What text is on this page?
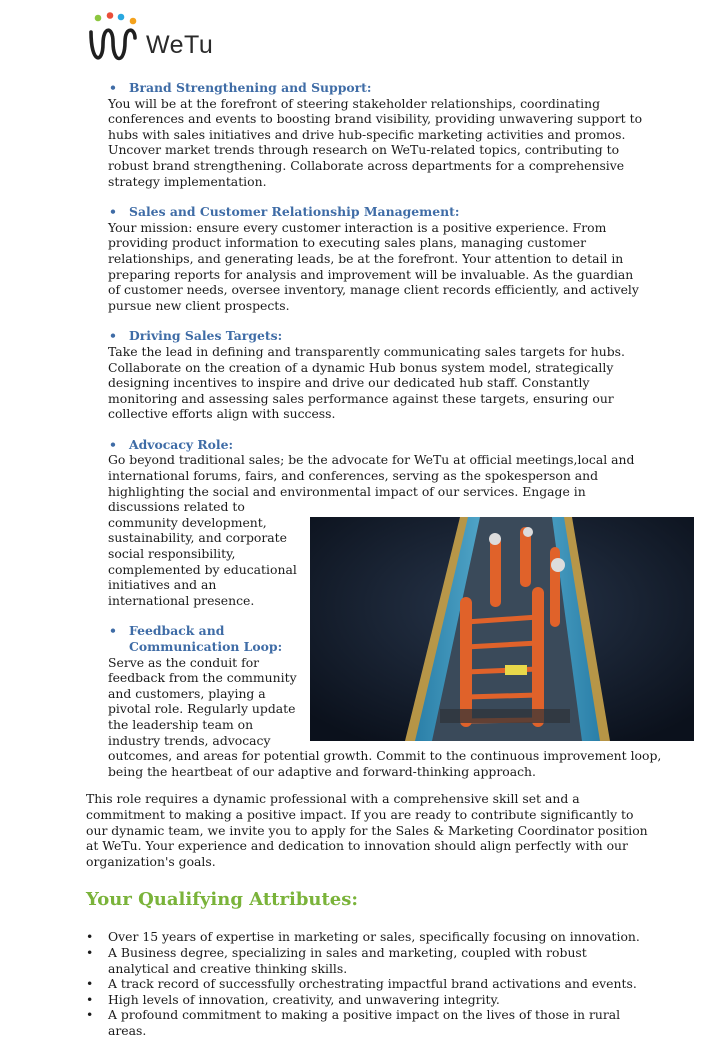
WeTu
• Brand Strengthening and Support:
You will be at the forefront of steering stakeholder relationships, coordinating conferences and events to boosting brand visibility, providing unwavering support to hubs with sales initiatives and drive hub-specific marketing activities and promos. Uncover market trends through research on WeTu-related topics, contributing to robust brand strengthening. Collaborate across departments for a comprehensive strategy implementation.
• Sales and Customer Relationship Management:
Your mission: ensure every customer interaction is a positive experience. From providing product information to executing sales plans, managing customer relationships, and generating leads, be at the forefront. Your attention to detail in preparing reports for analysis and improvement will be invaluable. As the guardian of customer needs, oversee inventory, manage client records efficiently, and actively pursue new client prospects.
• Driving Sales Targets:
Take the lead in defining and transparently communicating sales targets for hubs. Collaborate on the creation of a dynamic Hub bonus system model, strategically designing incentives to inspire and drive our dedicated hub staff. Constantly monitoring and assessing sales performance against these targets, ensuring our collective efforts align with success.
• Advocacy Role:
Go beyond traditional sales; be the advocate for WeTu at official meetings,local and international forums, fairs, and conferences, serving as the spokesperson and highlighting the social and environmental impact of our services. Engage in discussions related to
community development, sustainability, and corporate social responsibility, complemented by educational initiatives and an international presence.
• Feedback and Communication Loop:
Serve as the conduit for feedback from the community and customers, playing a pivotal role. Regularly update the leadership team on industry trends, advocacy outcomes, and areas for potential growth. Commit to the continuous improvement loop, being the heartbeat of our adaptive and forward-thinking approach.
This role requires a dynamic professional with a comprehensive skill set and a commitment to making a positive impact. If you are ready to contribute significantly to our dynamic team, we invite you to apply for the Sales & Marketing Coordinator position at WeTu. Your experience and dedication to innovation should align perfectly with our organization's goals.
Your Qualifying Attributes:
• Over 15 years of expertise in marketing or sales, specifically focusing on innovation.
• A Business degree, specializing in sales and marketing, coupled with robust analytical and creative thinking skills.
• A track record of successfully orchestrating impactful brand activations and events.
• High levels of innovation, creativity, and unwavering integrity.
• A profound commitment to making a positive impact on the lives of those in rural areas.
